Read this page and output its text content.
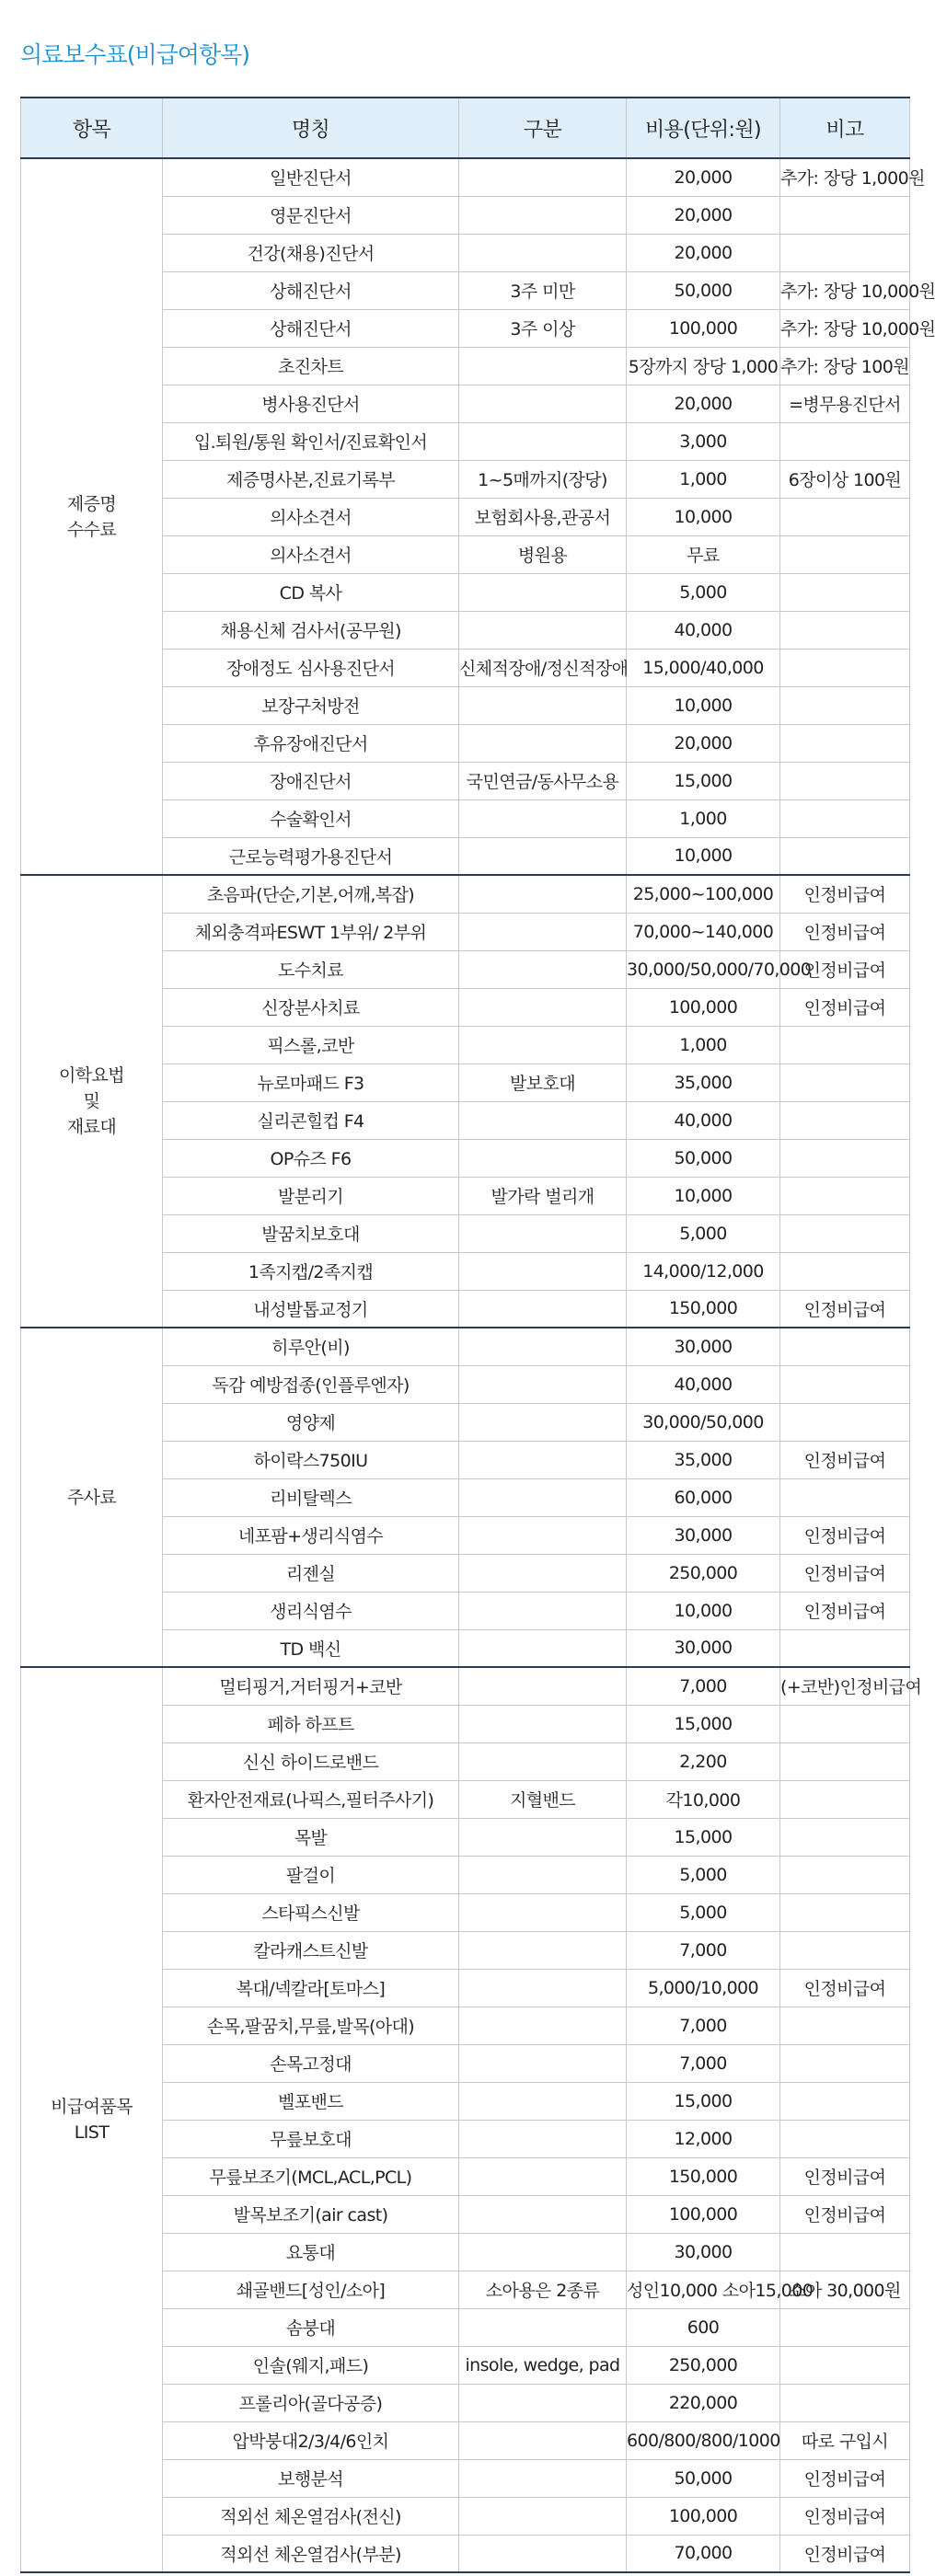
의료보수표(비급여항목)
항목	명칭	구분	비용(단위:원)	비고
제증명
수수료	일반진단서		20,000	추가: 장당 1,000원
	영문진단서		20,000	
	건강(채용)진단서		20,000	
	상해진단서	3주 미만	50,000	추가: 장당 10,000원
	상해진단서	3주 이상	100,000	추가: 장당 10,000원
	초진차트		5장까지 장당 1,000	추가: 장당 100원
	병사용진단서		20,000	=병무용진단서
	입.퇴원/통원 확인서/진료확인서		3,000	
	제증명사본,진료기록부	1~5매까지(장당)	1,000	6장이상 100원
	의사소견서	보험회사용,관공서	10,000	
	의사소견서	병원용	무료	
	CD 복사		5,000	
	채용신체 검사서(공무원)		40,000	
	장애정도 심사용진단서	신체적장애/정신적장애	15,000/40,000	
	보장구처방전		10,000	
	후유장애진단서		20,000	
	장애진단서	국민연금/동사무소용	15,000	
	수술확인서		1,000	
	근로능력평가용진단서		10,000	
이학요법
및
재료대	초음파(단순,기본,어깨,복잡)		25,000~100,000	인정비급여
	체외충격파ESWT 1부위/ 2부위		70,000~140,000	인정비급여
	도수치료		30,000/50,000/70,000	인정비급여
	신장분사치료		100,000	인정비급여
	픽스롤,코반		1,000	
	뉴로마패드 F3	발보호대	35,000	
	실리콘힐컵 F4		40,000	
	OP슈즈 F6		50,000	
	발분리기	발가락 벌리개	10,000	
	발꿈치보호대		5,000	
	1족지캡/2족지캡		14,000/12,000	
	내성발톱교정기		150,000	인정비급여
주사료	히루안(비)		30,000	
	독감 예방접종(인플루엔자)		40,000	
	영양제		30,000/50,000	
	하이락스750IU		35,000	인정비급여
	리비탈렉스		60,000	
	네포팜+생리식염수		30,000	인정비급여
	리젠실		250,000	인정비급여
	생리식염수		10,000	인정비급여
	TD 백신		30,000	
비급여품목
LIST	멀티핑거,거터핑거+코반		7,000	(+코반)인정비급여
	페하 하프트		15,000	
	신신 하이드로밴드		2,200	
	환자안전재료(나픽스,필터주사기)	지혈밴드	각10,000	
	목발		15,000	
	팔걸이		5,000	
	스타픽스신발		5,000	
	칼라캐스트신발		7,000	
	복대/넥칼라[토마스]		5,000/10,000	인정비급여
	손목,팔꿈치,무릎,발목(아대)		7,000	
	손목고정대		7,000	
	벨포밴드		15,000	
	무릎보호대		12,000	
	무릎보조기(MCL,ACL,PCL)		150,000	인정비급여
	발목보조기(air cast)		100,000	인정비급여
	요통대		30,000	
	쇄골밴드[성인/소아]	소아용은 2종류	성인10,000 소아15,000	소아 30,000원
	솜붕대		600	
	인솔(웨지,패드)	insole, wedge, pad	250,000	
	프롤리아(골다공증)		220,000	
	압박붕대2/3/4/6인치		600/800/800/1000	따로 구입시
	보행분석		50,000	인정비급여
	적외선 체온열검사(전신)		100,000	인정비급여
	적외선 체온열검사(부분)		70,000	인정비급여
